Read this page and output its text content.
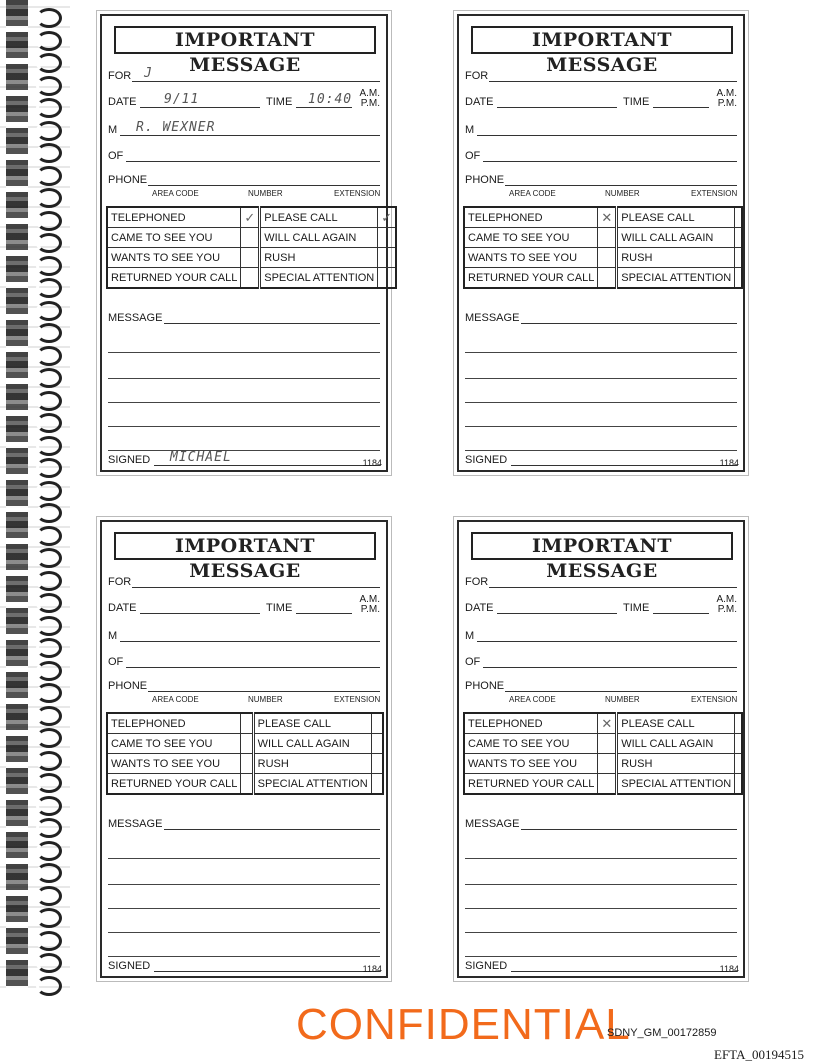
IMPORTANT MESSAGE
FOR J
DATE 9/11	TIME 10:40 A.M.
P.M.
M R. WEXNER
OF
PHONE
AREA CODE	NUMBER	EXTENSION
TELEPHONED	✓	PLEASE CALL	✓
CAME TO SEE YOU		WILL CALL AGAIN	
WANTS TO SEE YOU		RUSH	
RETURNED YOUR CALL		SPECIAL ATTENTION	
MESSAGE
SIGNED MICHAEL	1184
IMPORTANT MESSAGE
FOR
DATE	TIME
A.M.
P.M.
M
OF
PHONE
AREA CODE	NUMBER	EXTENSION
TELEPHONED	✕	PLEASE CALL	
CAME TO SEE YOU		WILL CALL AGAIN	
WANTS TO SEE YOU		RUSH	
RETURNED YOUR CALL		SPECIAL ATTENTION	
MESSAGE
SIGNED	1184
IMPORTANT MESSAGE
FOR
DATE	TIME
A.M.
P.M.
M
OF
PHONE
AREA CODE	NUMBER	EXTENSION
TELEPHONED		PLEASE CALL	
CAME TO SEE YOU		WILL CALL AGAIN	
WANTS TO SEE YOU		RUSH	
RETURNED YOUR CALL		SPECIAL ATTENTION	
MESSAGE
SIGNED	1184
IMPORTANT MESSAGE
FOR
DATE	TIME
A.M.
P.M.
M
OF
PHONE
AREA CODE	NUMBER	EXTENSION
TELEPHONED	✕	PLEASE CALL	
CAME TO SEE YOU		WILL CALL AGAIN	
WANTS TO SEE YOU		RUSH	
RETURNED YOUR CALL		SPECIAL ATTENTION	
MESSAGE
SIGNED	1184
CONFIDENTIAL
SDNY_GM_00172859
EFTA_00194515
